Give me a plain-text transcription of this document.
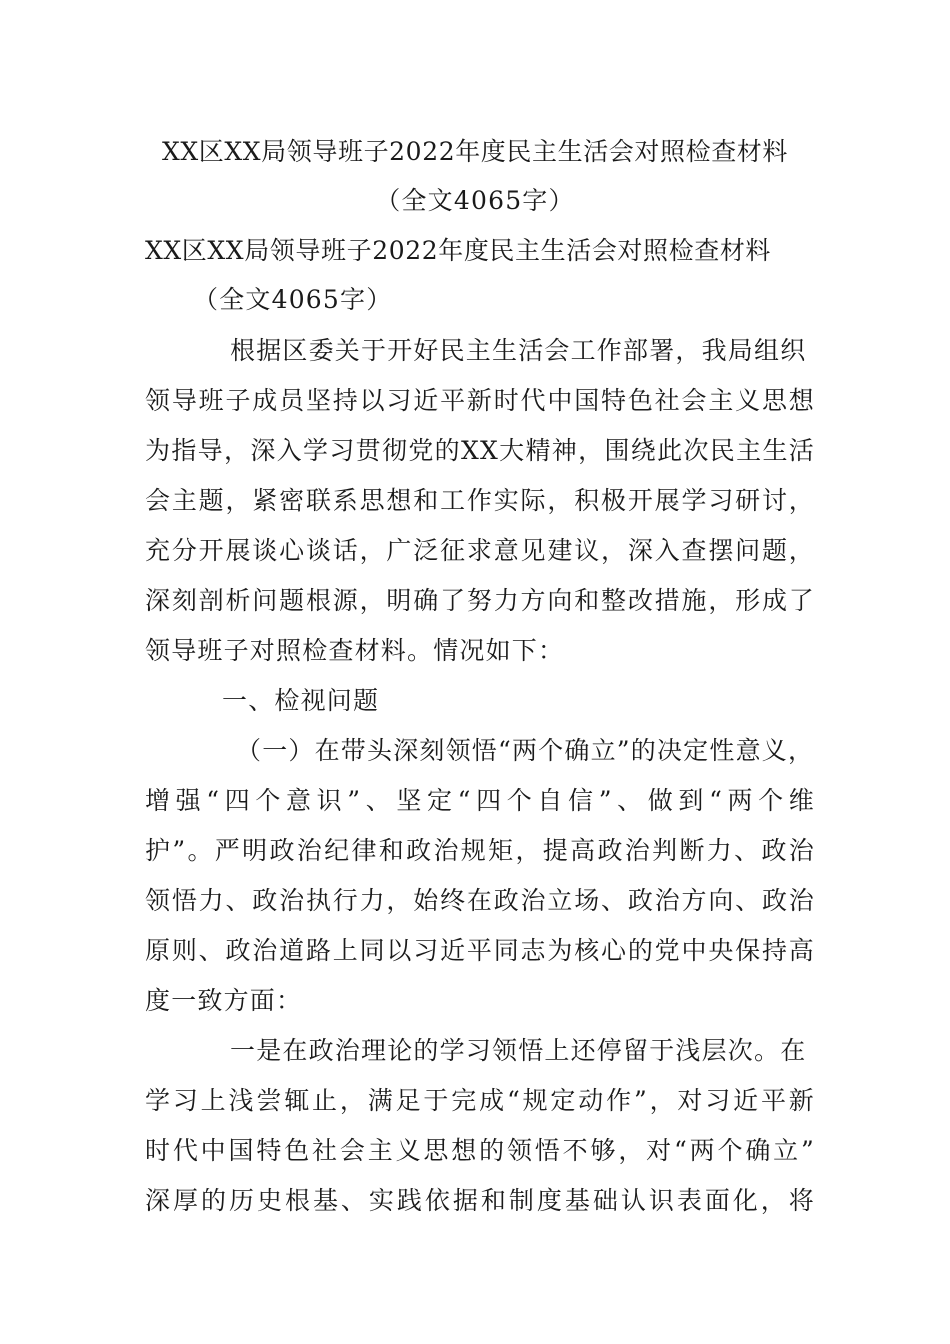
XX区XX局领导班子2022年度民主生活会对照检查材料
（全文4065字）
XX区XX局领导班子2022年度民主生活会对照检查材料
（全文4065字）
根据区委关于开好民主生活会工作部署，我局组织
领导班子成员坚持以习近平新时代中国特色社会主义思想
为指导，深入学习贯彻党的XX大精神，围绕此次民主生活
会主题，紧密联系思想和工作实际，积极开展学习研讨，
充分开展谈心谈话，广泛征求意见建议，深入查摆问题，
深刻剖析问题根源，明确了努力方向和整改措施，形成了
领导班子对照检查材料。情况如下：
一、检视问题
（一）在带头深刻领悟“两个确立”的决定性意义，
增强“四个意识”、坚定“四个自信”、做到“两个维
护”。严明政治纪律和政治规矩，提高政治判断力、政治
领悟力、政治执行力，始终在政治立场、政治方向、政治
原则、政治道路上同以习近平同志为核心的党中央保持高
度一致方面：
一是在政治理论的学习领悟上还停留于浅层次。在
学习上浅尝辄止，满足于完成“规定动作”，对习近平新
时代中国特色社会主义思想的领悟不够，对“两个确立”
深厚的历史根基、实践依据和制度基础认识表面化，将
